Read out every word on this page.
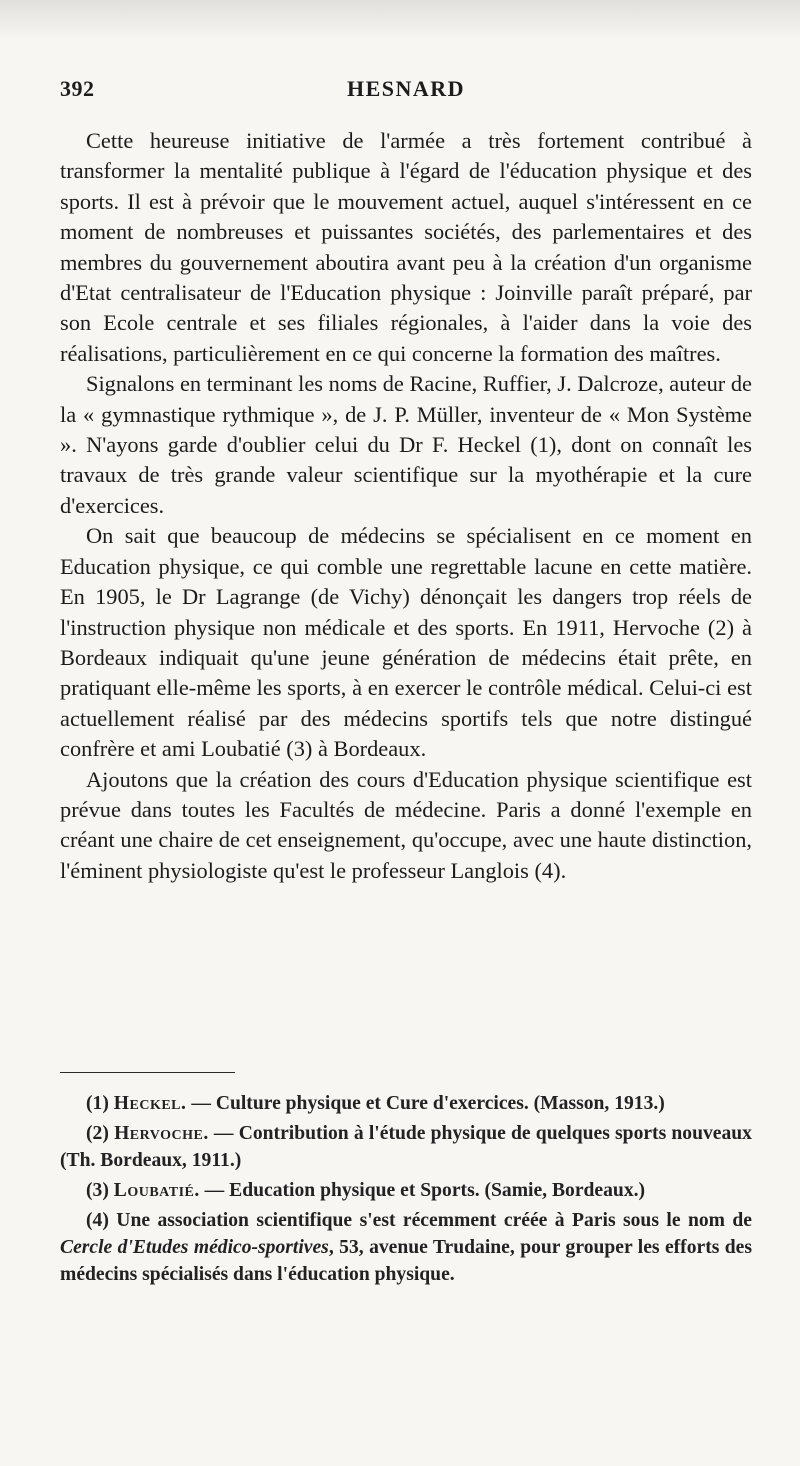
392	HESNARD

Cette heureuse initiative de l'armée a très fortement contribué à transformer la mentalité publique à l'égard de l'éducation physique et des sports. Il est à prévoir que le mouvement actuel, auquel s'intéressent en ce moment de nombreuses et puissantes sociétés, des parlementaires et des membres du gouvernement aboutira avant peu à la création d'un organisme d'Etat centralisateur de l'Education physique : Joinville paraît préparé, par son Ecole centrale et ses filiales régionales, à l'aider dans la voie des réalisations, particulièrement en ce qui concerne la formation des maîtres.

Signalons en terminant les noms de Racine, Ruffier, J. Dalcroze, auteur de la « gymnastique rythmique », de J. P. Müller, inventeur de « Mon Système ». N'ayons garde d'oublier celui du Dr F. Heckel (1), dont on connaît les travaux de très grande valeur scientifique sur la myothérapie et la cure d'exercices.

On sait que beaucoup de médecins se spécialisent en ce moment en Education physique, ce qui comble une regrettable lacune en cette matière. En 1905, le Dr Lagrange (de Vichy) dénonçait les dangers trop réels de l'instruction physique non médicale et des sports. En 1911, Hervoche (2) à Bordeaux indiquait qu'une jeune génération de médecins était prête, en pratiquant elle-même les sports, à en exercer le contrôle médical. Celui-ci est actuellement réalisé par des médecins sportifs tels que notre distingué confrère et ami Loubatié (3) à Bordeaux.

Ajoutons que la création des cours d'Education physique scientifique est prévue dans toutes les Facultés de médecine. Paris a donné l'exemple en créant une chaire de cet enseignement, qu'occupe, avec une haute distinction, l'éminent physiologiste qu'est le professeur Langlois (4).

(1) Heckel. — Culture physique et Cure d'exercices. (Masson, 1913.)

(2) Hervoche. — Contribution à l'étude physique de quelques sports nouveaux (Th. Bordeaux, 1911.)

(3) Loubatié. — Education physique et Sports. (Samie, Bordeaux.)

(4) Une association scientifique s'est récemment créée à Paris sous le nom de Cercle d'Etudes médico-sportives, 53, avenue Trudaine, pour grouper les efforts des médecins spécialisés dans l'éducation physique.
